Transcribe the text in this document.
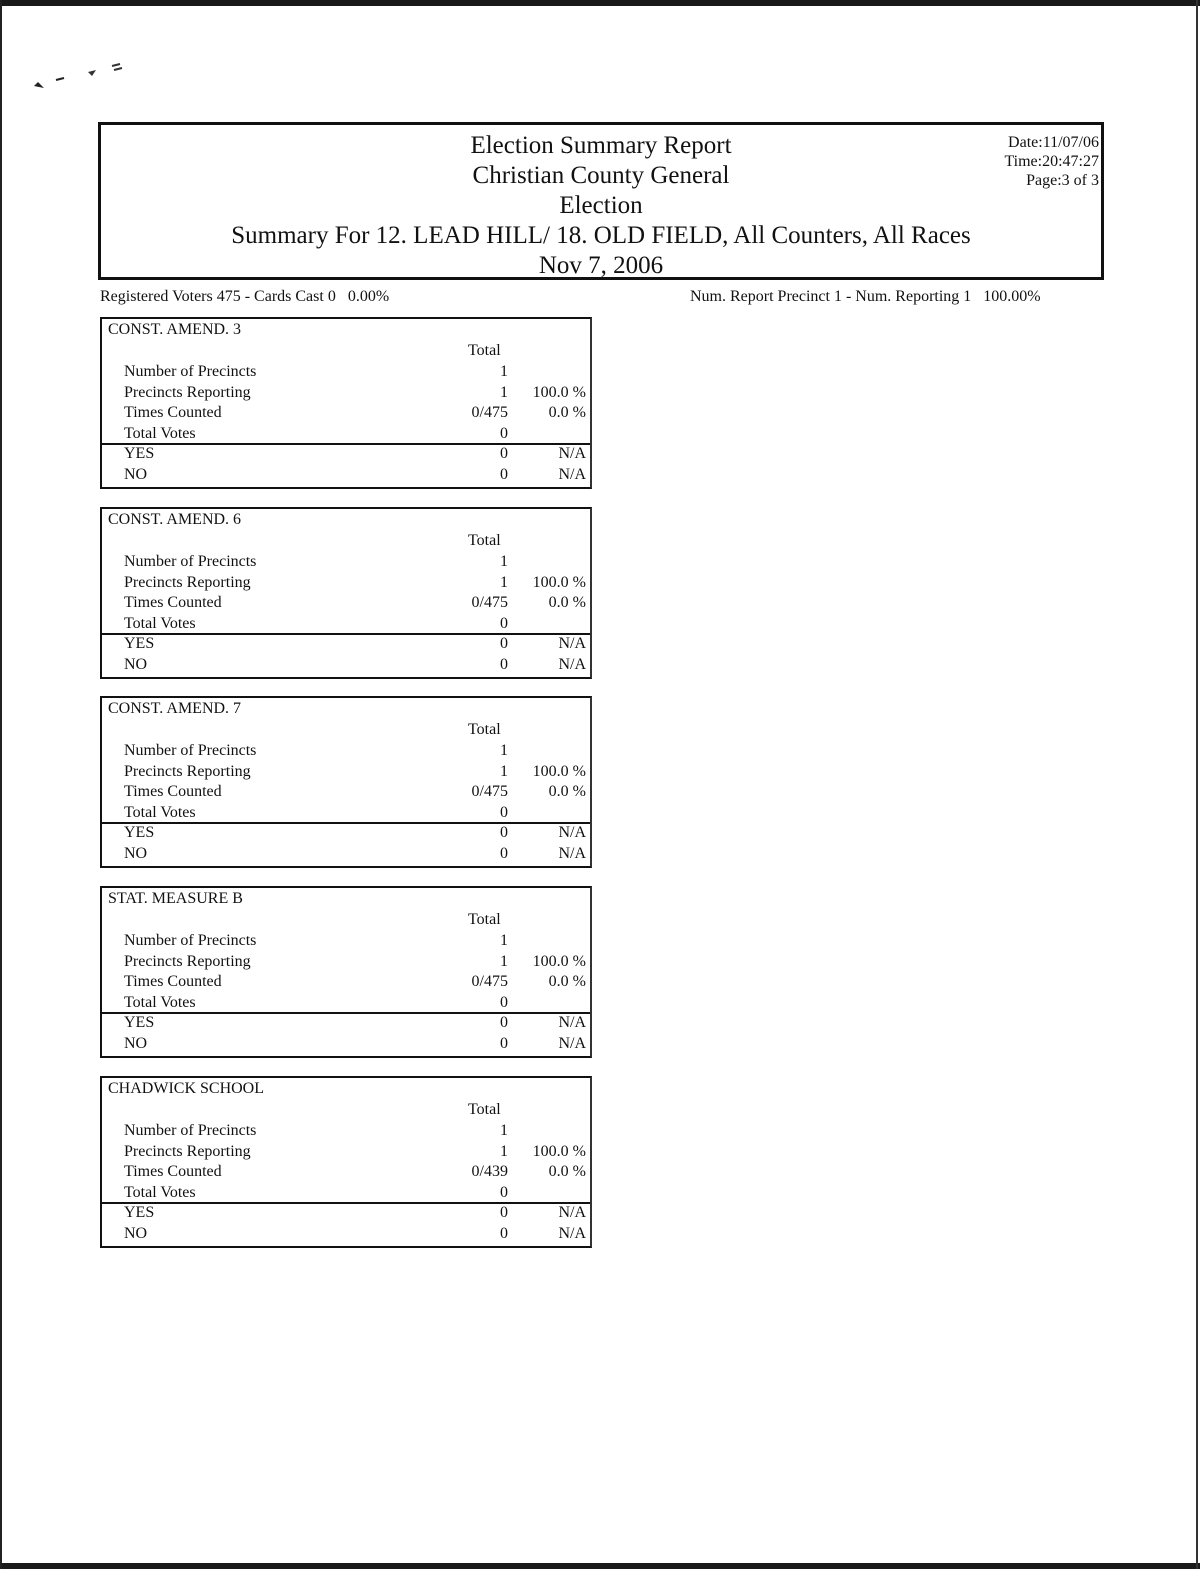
Election Summary Report
Christian County General
Election
Summary For 12. LEAD HILL/ 18. OLD FIELD, All Counters, All Races
Nov 7, 2006
Date:11/07/06
Time:20:47:27
Page:3 of 3
Registered Voters 475 - Cards Cast 0   0.00%	Num. Report Precinct 1 - Num. Reporting 1   100.00%
CONST. AMEND. 3
Total
Number of Precincts	1
Precincts Reporting	1 100.0 %
Times Counted	0/475	0.0 %
Total Votes	0
YES	0	N/A
NO	0	N/A
CONST. AMEND. 6
Total
Number of Precincts	1
Precincts Reporting	1 100.0 %
Times Counted	0/475	0.0 %
Total Votes	0
YES	0	N/A
NO	0	N/A
CONST. AMEND. 7
Total
Number of Precincts	1
Precincts Reporting	1 100.0 %
Times Counted	0/475	0.0 %
Total Votes	0
YES	0	N/A
NO	0	N/A
STAT. MEASURE B
Total
Number of Precincts	1
Precincts Reporting	1 100.0 %
Times Counted	0/475	0.0 %
Total Votes	0
YES	0	N/A
NO	0	N/A
CHADWICK SCHOOL
Total
Number of Precincts	1
Precincts Reporting	1 100.0 %
Times Counted	0/439	0.0 %
Total Votes	0
YES	0	N/A
NO	0	N/A
